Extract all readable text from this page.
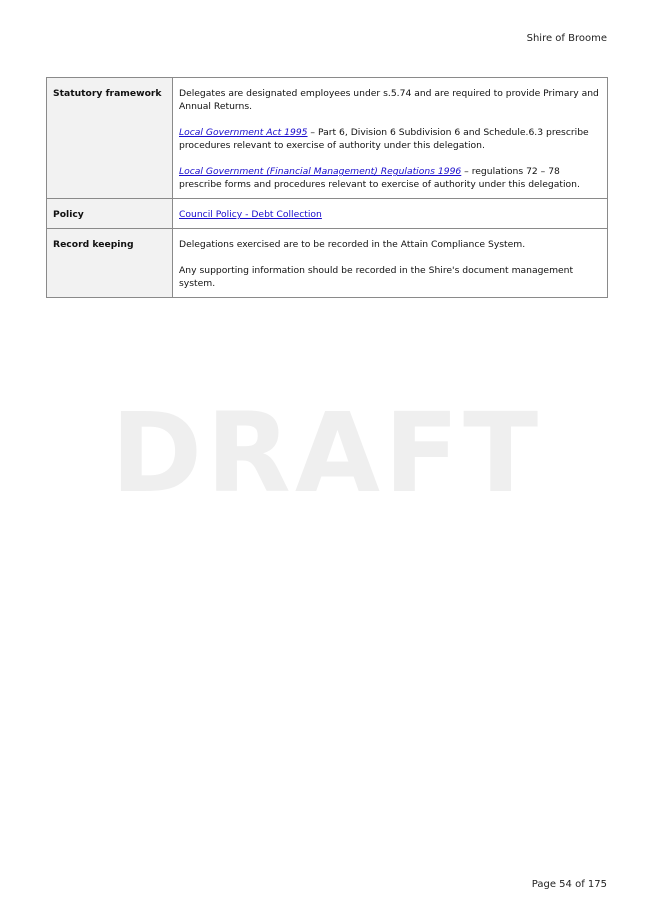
Shire of Broome
DRAFT
Statutory framework	Delegates are designated employees under s.5.74 and are required to provide Primary and Annual Returns.

Local Government Act 1995 – Part 6, Division 6 Subdivision 6 and Schedule.6.3 prescribe procedures relevant to exercise of authority under this delegation.

Local Government (Financial Management) Regulations 1996 – regulations 72 – 78 prescribe forms and procedures relevant to exercise of authority under this delegation.

Policy	Council Policy - Debt Collection
Record keeping	Delegations exercised are to be recorded in the Attain Compliance System.

Any supporting information should be recorded in the Shire's document management system.

Page 54 of 175
